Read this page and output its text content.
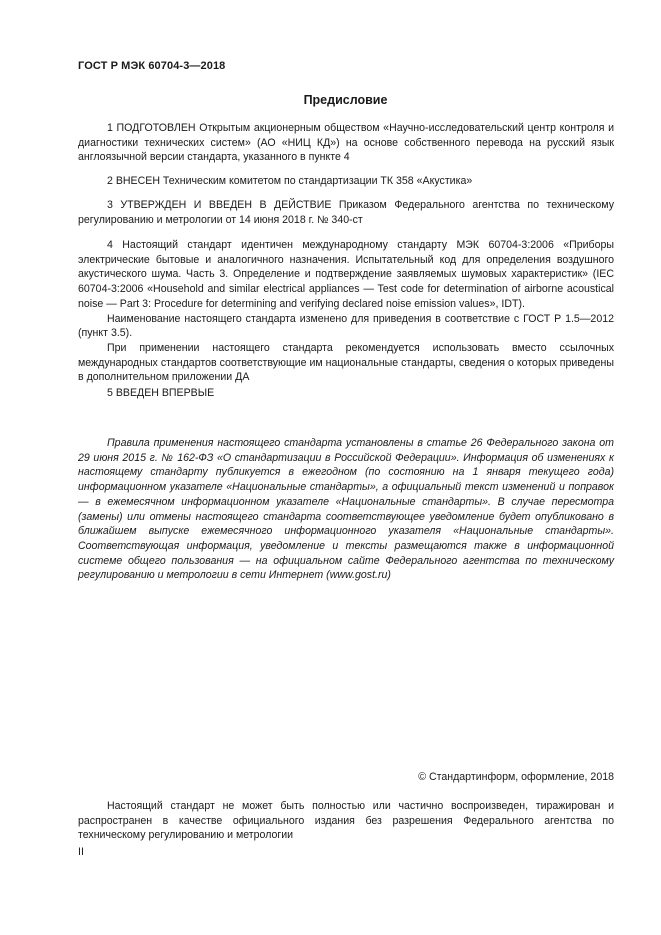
ГОСТ Р МЭК 60704-3—2018
Предисловие

1 ПОДГОТОВЛЕН Открытым акционерным обществом «Научно-исследовательский центр контроля и диагностики технических систем» (АО «НИЦ КД») на основе собственного перевода на русский язык англоязычной версии стандарта, указанного в пункте 4

2 ВНЕСЕН Техническим комитетом по стандартизации ТК 358 «Акустика»

3 УТВЕРЖДЕН И ВВЕДЕН В ДЕЙСТВИЕ Приказом Федерального агентства по техническому регулированию и метрологии от 14 июня 2018 г. № 340-ст

4 Настоящий стандарт идентичен международному стандарту МЭК 60704-3:2006 «Приборы электрические бытовые и аналогичного назначения. Испытательный код для определения воздушного акустического шума. Часть 3. Определение и подтверждение заявляемых шумовых характеристик» (IEC 60704-3:2006 «Household and similar electrical appliances — Test code for determination of airborne acoustical noise — Part 3: Procedure for determining and verifying declared noise emission values», IDT).

Наименование настоящего стандарта изменено для приведения в соответствие с ГОСТ Р 1.5—2012 (пункт 3.5).

При применении настоящего стандарта рекомендуется использовать вместо ссылочных международных стандартов соответствующие им национальные стандарты, сведения о которых приведены в дополнительном приложении ДА

5 ВВЕДЕН ВПЕРВЫЕ

Правила применения настоящего стандарта установлены в статье 26 Федерального закона от 29 июня 2015 г. № 162-ФЗ «О стандартизации в Российской Федерации». Информация об изменениях к настоящему стандарту публикуется в ежегодном (по состоянию на 1 января текущего года) информационном указателе «Национальные стандарты», а официальный текст изменений и поправок — в ежемесячном информационном указателе «Национальные стандарты». В случае пересмотра (замены) или отмены настоящего стандарта соответствующее уведомление будет опубликовано в ближайшем выпуске ежемесячного информационного указателя «Национальные стандарты». Соответствующая информация, уведомление и тексты размещаются также в информационной системе общего пользования — на официальном сайте Федерального агентства по техническому регулированию и метрологии в сети Интернет (www.gost.ru)

© Стандартинформ, оформление, 2018

Настоящий стандарт не может быть полностью или частично воспроизведен, тиражирован и распространен в качестве официального издания без разрешения Федерального агентства по техническому регулированию и метрологии

II
